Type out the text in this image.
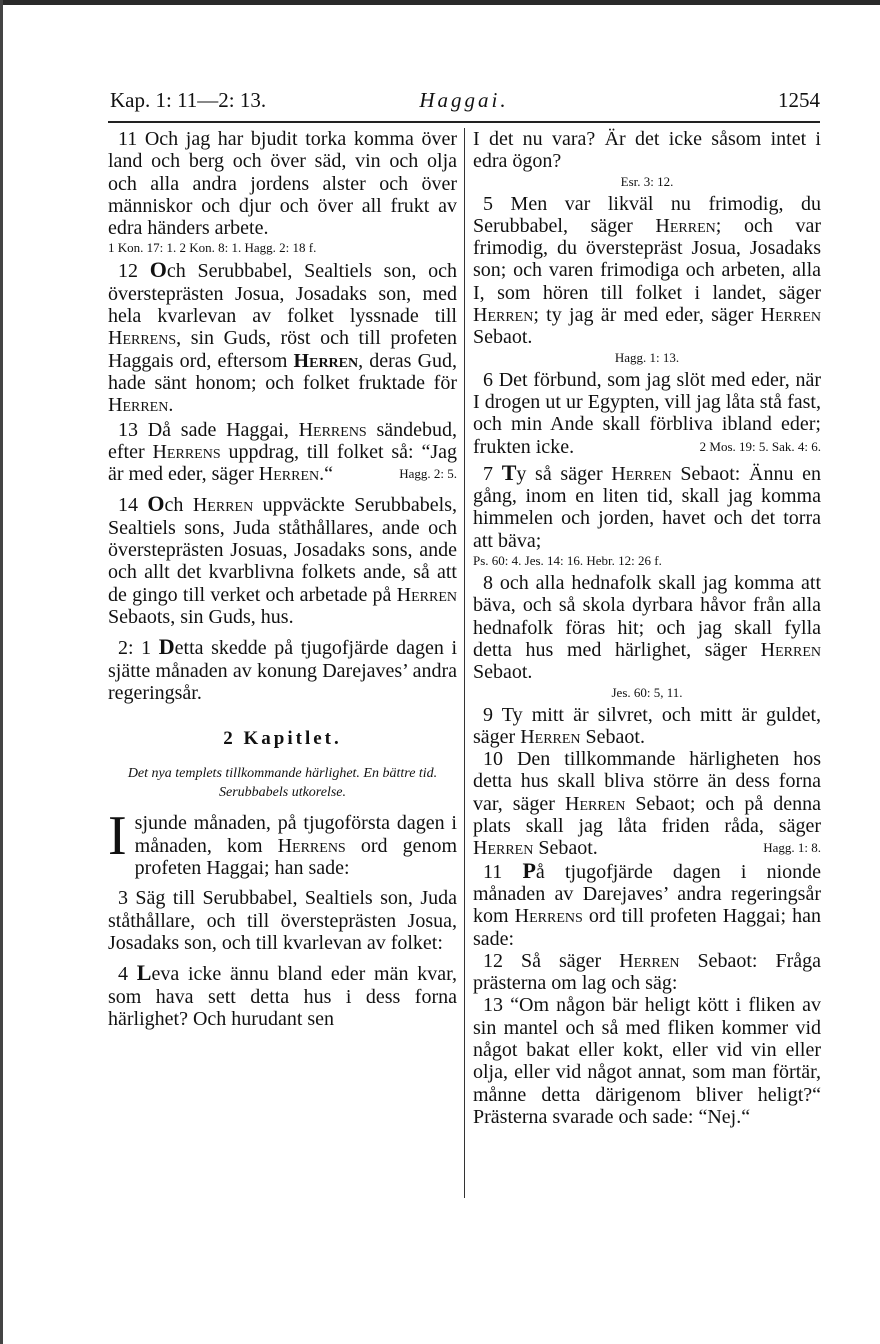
Haggai.
Kap. 1: 11—2: 13.	1254

11 Och jag har bjudit torka komma över land och berg och över säd, vin och olja och alla andra jordens alster och över människor och djur och över all frukt av edra händers arbete.

1 Kon. 17: 1. 2 Kon. 8: 1. Hagg. 2: 18 f.

12 Och Serubbabel, Sealtiels son, och översteprästen Josua, Josadaks son, med hela kvarlevan av folket lyssnade till Herrens, sin Guds, röst och till profeten Haggais ord, eftersom Herren, deras Gud, hade sänt honom; och folket fruktade för Herren.

13 Då sade Haggai, Herrens sändebud, efter Herrens uppdrag, till folket så: “Jag är med eder, säger Herren.“	Hagg. 2: 5.

14 Och Herren uppväckte Serubbabels, Sealtiels sons, Juda ståthållares, ande och översteprästen Josuas, Josadaks sons, ande och allt det kvarblivna folkets ande, så att de gingo till verket och arbetade på Herren Sebaots, sin Guds, hus.

2: 1 Detta skedde på tjugofjärde dagen i sjätte månaden av konung Darejaves’ andra regeringsår.

2 Kapitlet.

Det nya templets tillkommande härlighet. En bättre tid. Serubbabels utkorelse.

Isjunde månaden, på tjugoförsta dagen i månaden, kom Herrens ord genom profeten Haggai; han sade:

3 Säg till Serubbabel, Sealtiels son, Juda ståthållare, och till översteprästen Josua, Josadaks son, och till kvarlevan av folket:

4 Leva icke ännu bland eder män kvar, som hava sett detta hus i dess forna härlighet? Och hurudant sen

I det nu vara? Är det icke såsom intet i edra ögon?

Esr. 3: 12.

5 Men var likväl nu frimodig, du Serubbabel, säger Herren; och var frimodig, du överstepräst Josua, Josadaks son; och varen frimodiga och arbeten, alla I, som hören till folket i landet, säger Herren; ty jag är med eder, säger Herren Sebaot.

Hagg. 1: 13.

6 Det förbund, som jag slöt med eder, när I drogen ut ur Egypten, vill jag låta stå fast, och min Ande skall förbliva ibland eder; frukten icke.	2 Mos. 19: 5. Sak. 4: 6.

7 Ty så säger Herren Sebaot: Ännu en gång, inom en liten tid, skall jag komma himmelen och jorden, havet och det torra att bäva;

Ps. 60: 4. Jes. 14: 16. Hebr. 12: 26 f.

8 och alla hednafolk skall jag komma att bäva, och så skola dyrbara håvor från alla hednafolk föras hit; och jag skall fylla detta hus med härlighet, säger Herren Sebaot.

Jes. 60: 5, 11.

9 Ty mitt är silvret, och mitt är guldet, säger Herren Sebaot.

10 Den tillkommande härligheten hos detta hus skall bliva större än dess forna var, säger Herren Sebaot; och på denna plats skall jag låta friden råda, säger Herren Sebaot.	Hagg. 1: 8.

11 På tjugofjärde dagen i nionde månaden av Darejaves’ andra regeringsår kom Herrens ord till profeten Haggai; han sade:

12 Så säger Herren Sebaot: Fråga prästerna om lag och säg:

13 “Om någon bär heligt kött i fliken av sin mantel och så med fliken kommer vid något bakat eller kokt, eller vid vin eller olja, eller vid något annat, som man förtär, månne detta därigenom bliver heligt?“ Prästerna svarade och sade: “Nej.“
